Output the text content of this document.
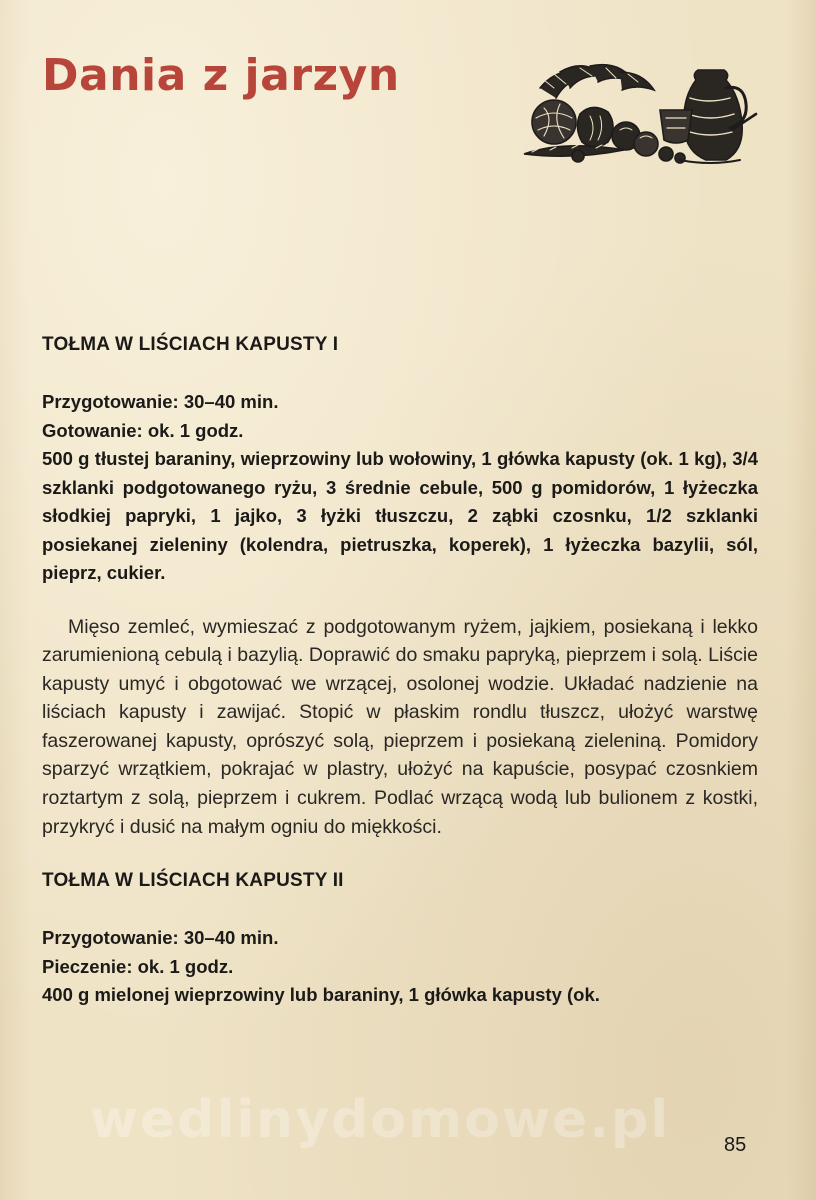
Dania z jarzyn
TOŁMA W LIŚCIACH KAPUSTY I

Przygotowanie: 30–40 min.

Gotowanie: ok. 1 godz.

500 g tłustej baraniny, wieprzowiny lub wołowiny, 1 główka kapusty (ok. 1 kg), 3/4 szklanki podgotowanego ryżu, 3 średnie cebule, 500 g pomidorów, 1 łyżeczka słodkiej papryki, 1 jajko, 3 łyżki tłuszczu, 2 ząbki czosnku, 1/2 szklanki posiekanej zieleniny (kolendra, pietruszka, koperek), 1 łyżeczka bazylii, sól, pieprz, cukier.

Mięso zemleć, wymieszać z podgotowanym ryżem, jajkiem, posiekaną i lekko zarumienioną cebulą i bazylią. Doprawić do smaku papryką, pieprzem i solą. Liście kapusty umyć i obgotować we wrzącej, osolonej wodzie. Układać nadzienie na liściach kapusty i zawijać. Stopić w płaskim rondlu tłuszcz, ułożyć warstwę faszerowanej kapusty, oprószyć solą, pieprzem i posiekaną zieleniną. Pomidory sparzyć wrzątkiem, pokrajać w plastry, ułożyć na kapuście, posypać czosnkiem roztartym z solą, pieprzem i cukrem. Podlać wrzącą wodą lub bulionem z kostki, przykryć i dusić na małym ogniu do miękkości.

TOŁMA W LIŚCIACH KAPUSTY II

Przygotowanie: 30–40 min.

Pieczenie: ok. 1 godz.

400 g mielonej wieprzowiny lub baraniny, 1 główka kapusty (ok.

wedlinydomowe.pl	85
